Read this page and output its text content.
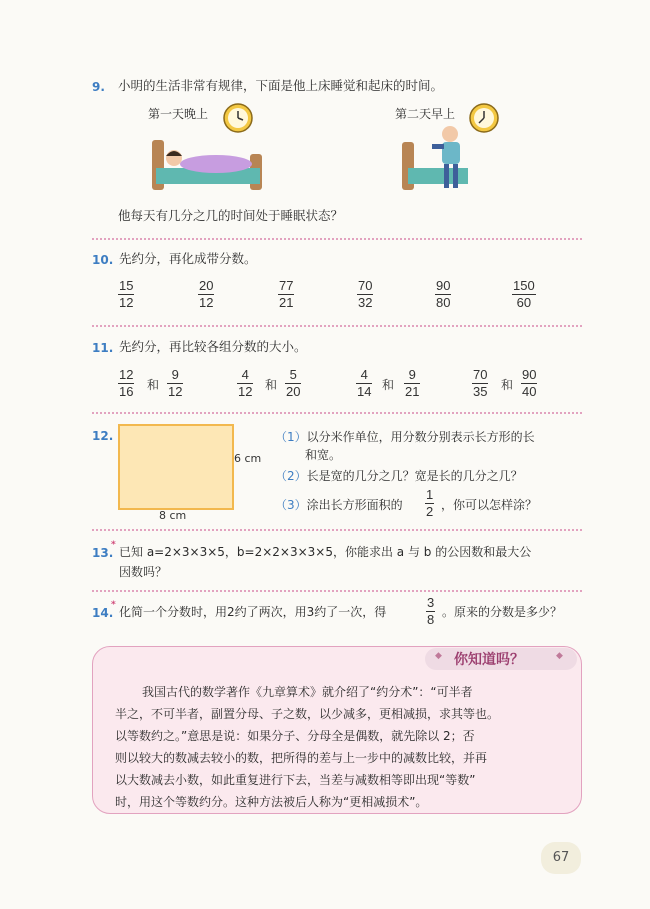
9. 小明的生活非常有规律，下面是他上床睡觉和起床的时间。
第一天晚上	第二天早上
他每天有几分之几的时间处于睡眠状态？
10. 先约分，再化成带分数。
15
12
20
12
77
21
70
32
90
80
150
60
11. 先约分，再比较各组分数的大小。
12
16 和
9
12
4
12 和
5
20
4
14 和
9
21
70
35 和
90
40
12.
6 cm
8 cm
（1）以分米作单位，用分数分别表示长方形的长
和宽。
（2）长是宽的几分之几？宽是长的几分之几？
（3）涂出长方形面积的
1
2 ，你可以怎样涂？
13.
* 已知 a=2×3×3×5，b=2×2×3×3×5，你能求出 a 与 b 的公因数和最大公
因数吗？
14.
* 化简一个分数时，用2约了两次，用3约了一次，得
3
8 。原来的分数是多少？
◆ 你知道吗？	◆
我国古代的数学著作《九章算术》就介绍了“约分术”：“可半者
半之，不可半者，副置分母、子之数，以少减多，更相减损，求其等也。
以等数约之。”意思是说：如果分子、分母全是偶数，就先除以 2；否
则以较大的数减去较小的数，把所得的差与上一步中的减数比较，并再
以大数减去小数，如此重复进行下去，当差与减数相等即出现“等数”
时，用这个等数约分。这种方法被后人称为“更相减损术”。
67
